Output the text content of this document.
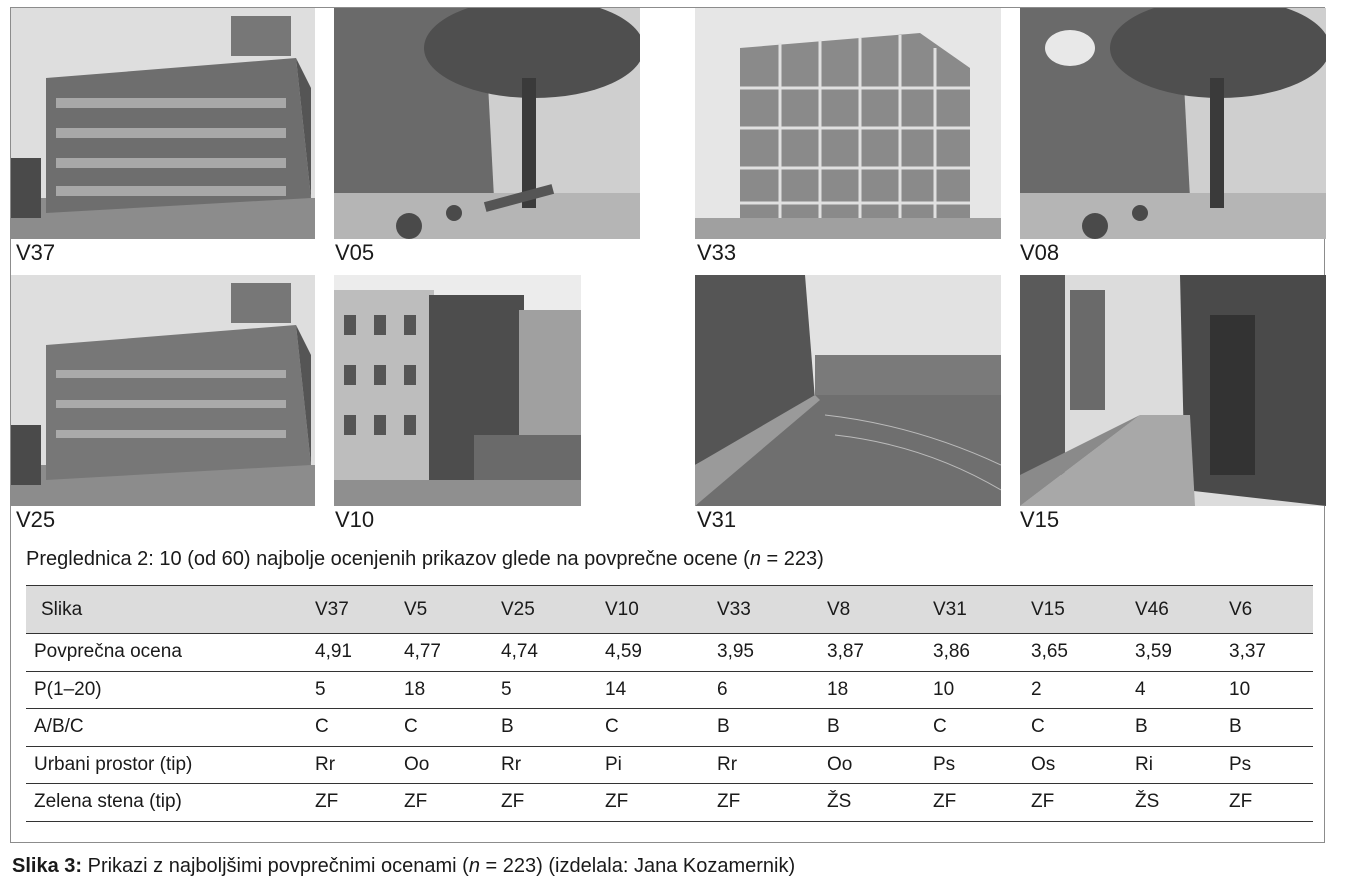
V37	V05	V33	V08
V25	V10	V31	V15
Preglednica 2: 10 (od 60) najbolje ocenjenih prikazov glede na povprečne ocene (n = 223)
Slika	V37	V5	V25	V10	V33	V8	V31	V15	V46	V6
Povprečna ocena	4,91	4,77	4,74	4,59	3,95	3,87	3,86	3,65	3,59	3,37
P(1–20)	5	18	5	14	6	18	10	2	4	10
A/B/C	C	C	B	C	B	B	C	C	B	B
Urbani prostor (tip)	Rr	Oo	Rr	Pi	Rr	Oo	Ps	Os	Ri	Ps
Zelena stena (tip)	ZF	ZF	ZF	ZF	ZF	ŽS	ZF	ZF	ŽS	ZF
Slika 3: Prikazi z najboljšimi povprečnimi ocenami (n = 223) (izdelala: Jana Kozamernik)
